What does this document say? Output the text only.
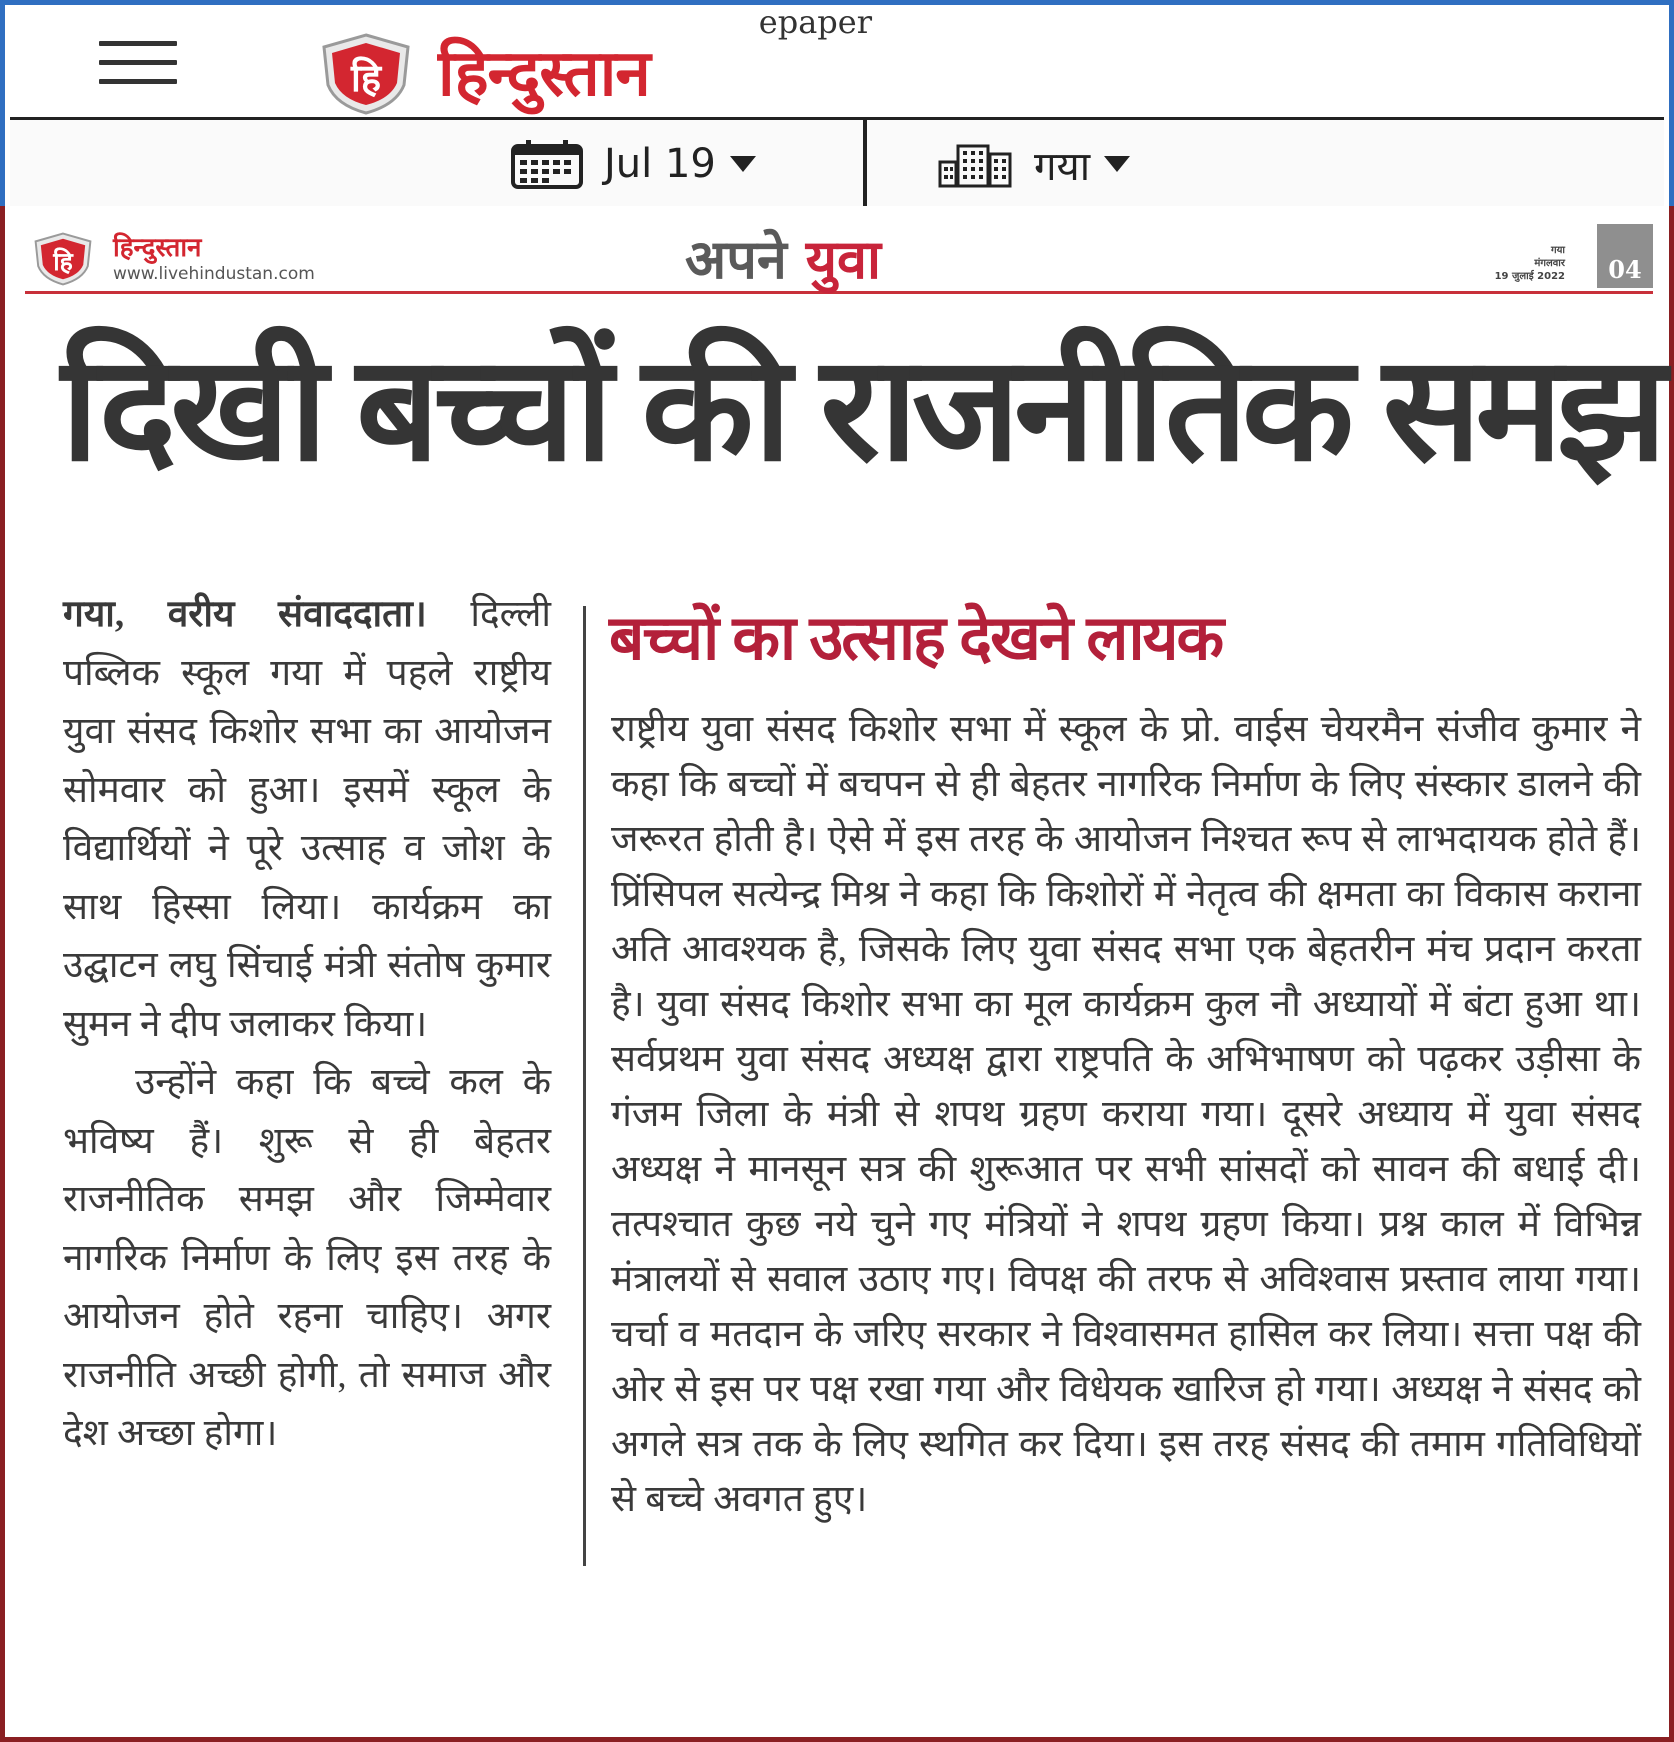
हि हिन्दुस्तान
epaper
Jul 19	गया
हि हिन्दुस्तान
www.livehindustan.com	अपने युवा	गया
मंगलवार
19 जुलाई 2022	04
दिखी बच्चों की राजनीतिक समझ

गया, वरीय संवाददाता। दिल्ली पब्लिक स्कूल गया में पहले राष्ट्रीय युवा संसद किशोर सभा का आयोजन सोमवार को हुआ। इसमें स्कूल के विद्यार्थियों ने पूरे उत्साह व जोश के साथ हिस्सा लिया। कार्यक्रम का उद्घाटन लघु सिंचाई मंत्री संतोष कुमार सुमन ने दीप जलाकर किया।

उन्होंने कहा कि बच्चे कल के भविष्य हैं। शुरू से ही बेहतर राजनीतिक समझ और जिम्मेवार नागरिक निर्माण के लिए इस तरह के आयोजन होते रहना चाहिए। अगर राजनीति अच्छी होगी, तो समाज और देश अच्छा होगा।

बच्चों का उत्साह देखने लायक
राष्ट्रीय युवा संसद किशोर सभा में स्कूल के प्रो. वाईस चेयरमैन संजीव कुमार ने कहा कि बच्चों में बचपन से ही बेहतर नागरिक निर्माण के लिए संस्कार डालने की जरूरत होती है। ऐसे में इस तरह के आयोजन निश्चत रूप से लाभदायक होते हैं। प्रिंसिपल सत्येन्द्र मिश्र ने कहा कि किशोरों में नेतृत्व की क्षमता का विकास कराना अति आवश्यक है, जिसके लिए युवा संसद सभा एक बेहतरीन मंच प्रदान करता है। युवा संसद किशोर सभा का मूल कार्यक्रम कुल नौ अध्यायों में बंटा हुआ था। सर्वप्रथम युवा संसद अध्यक्ष द्वारा राष्ट्रपति के अभिभाषण को पढ़कर उड़ीसा के गंजम जिला के मंत्री से शपथ ग्रहण कराया गया। दूसरे अध्याय में युवा संसद अध्यक्ष ने मानसून सत्र की शुरूआत पर सभी सांसदों को सावन की बधाई दी। तत्पश्चात कुछ नये चुने गए मंत्रियों ने शपथ ग्रहण किया। प्रश्न काल में विभिन्न मंत्रालयों से सवाल उठाए गए। विपक्ष की तरफ से अविश्वास प्रस्ताव लाया गया। चर्चा व मतदान के जरिए सरकार ने विश्वासमत हासिल कर लिया। सत्ता पक्ष की ओर से इस पर पक्ष रखा गया और विधेयक खारिज हो गया। अध्यक्ष ने संसद को अगले सत्र तक के लिए स्थगित कर दिया। इस तरह संसद की तमाम गतिविधियों से बच्चे अवगत हुए।
